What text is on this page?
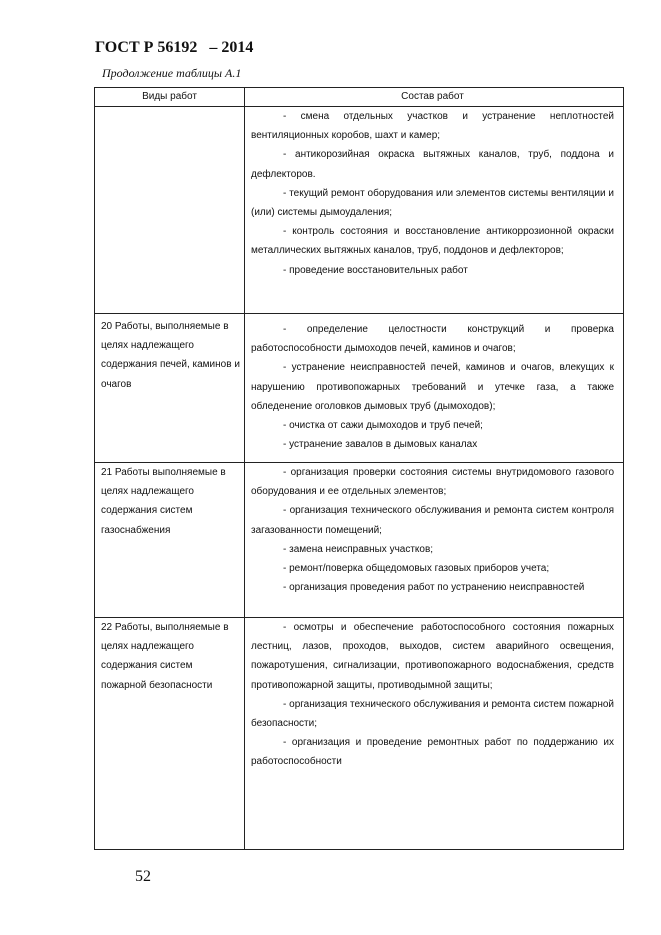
ГОСТ Р 56192   – 2014
Продолжение таблицы А.1
Виды работ	Состав работ

	- смена отдельных участков и устранение неплотностей вентиляционных коробов, шахт и камер;

- антикорозийная окраска вытяжных каналов, труб, поддона и дефлекторов.

- текущий ремонт оборудования или элементов системы вентиляции и (или) системы дымоудаления;

- контроль состояния и восстановление антикоррозионной окраски металлических вытяжных каналов, труб, поддонов и дефлекторов;

- проведение восстановительных работ

20 Работы, выполняемые в целях надлежащего содержания печей, каминов и очагов	- определение целостности конструкций и проверка работоспособности дымоходов печей, каминов и очагов;

- устранение неисправностей печей, каминов и очагов, влекущих к нарушению противопожарных требований и утечке газа, а также обледенение оголовков дымовых труб (дымоходов);

- очистка от сажи дымоходов и труб печей;

- устранение завалов в дымовых каналах

21 Работы выполняемые в целях надлежащего содержания систем газоснабжения	- организация проверки состояния системы внутридомового газового оборудования и ее отдельных элементов;

- организация технического обслуживания и ремонта систем контроля загазованности помещений;

- замена неисправных участков;

- ремонт/поверка общедомовых газовых приборов учета;

- организация проведения работ по устранению неисправностей

22 Работы, выполняемые в целях надлежащего содержания систем пожарной безопасности	- осмотры и обеспечение работоспособного состояния пожарных лестниц, лазов, проходов, выходов, систем аварийного освещения, пожаротушения, сигнализации, противопожарного водоснабжения, средств противопожарной защиты, противодымной защиты;

- организация технического обслуживания и ремонта систем пожарной безопасности;

- организация и проведение ремонтных работ по поддержанию их работоспособности

52
